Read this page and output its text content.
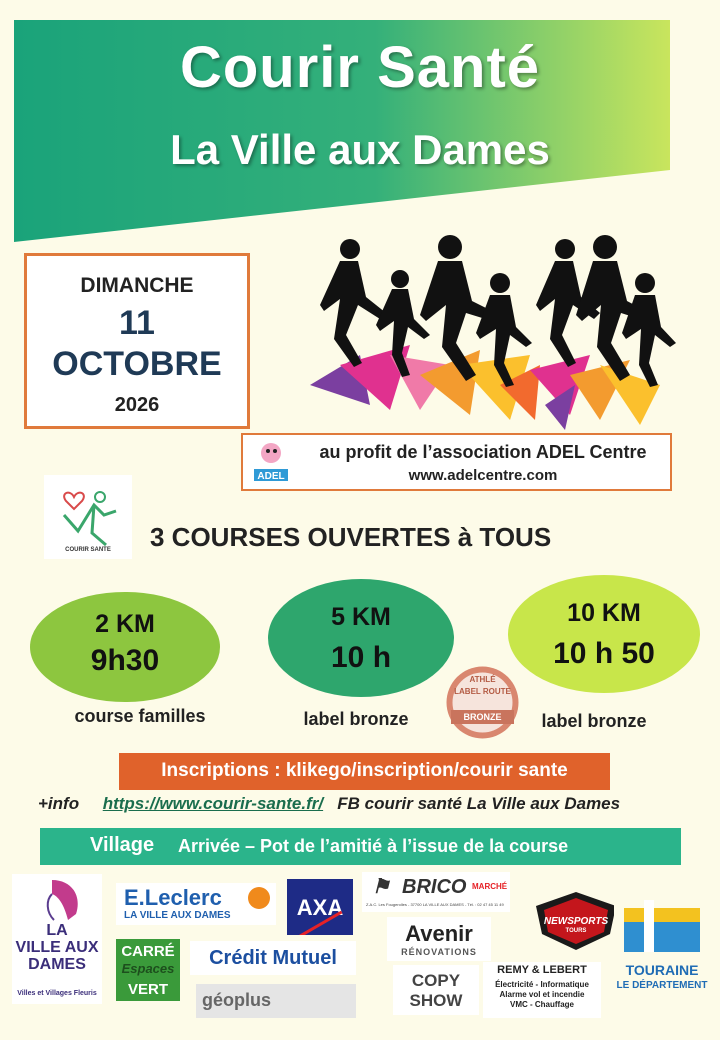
Courir Santé
La Ville aux Dames
DIMANCHE
11
OCTOBRE
2026
ADEL
au profit de l’association ADEL Centre
www.adelcentre.com
COURIR SANTE	3 COURSES OUVERTES à TOUS
2 KM
9h30
5 KM
10 h
10 KM
10 h 50
course familles	label bronze	label bronze
ATHLÉ
LABEL ROUTE
BRONZE
Inscriptions : klikego/inscription/courir sante
+info https://www.courir-sante.fr/ FB courir santé La Ville aux Dames
Village Arrivée – Pot de l’amitié à l’issue de la course
LA
VILLE AUX
DAMES
Villes et Villages Fleuris
E.Leclerc
LA VILLE AUX DAMES	AXA
⚑ BRICO MARCHÉ
Z.A.C. Les Fougerolles - 37700 LA VILLE AUX DAMES - Tél. : 02 47 45 11 49
NEWSPORTS
TOURS
TOURAINE
LE DÉPARTEMENT
CARRÉ
Espaces
VERT
Crédit Mutuel
Avenir
RÉNOVATIONS
géoplus
COPY
SHOW
REMY & LEBERT
Électricité - Informatique
Alarme vol et incendie
VMC - Chauffage
